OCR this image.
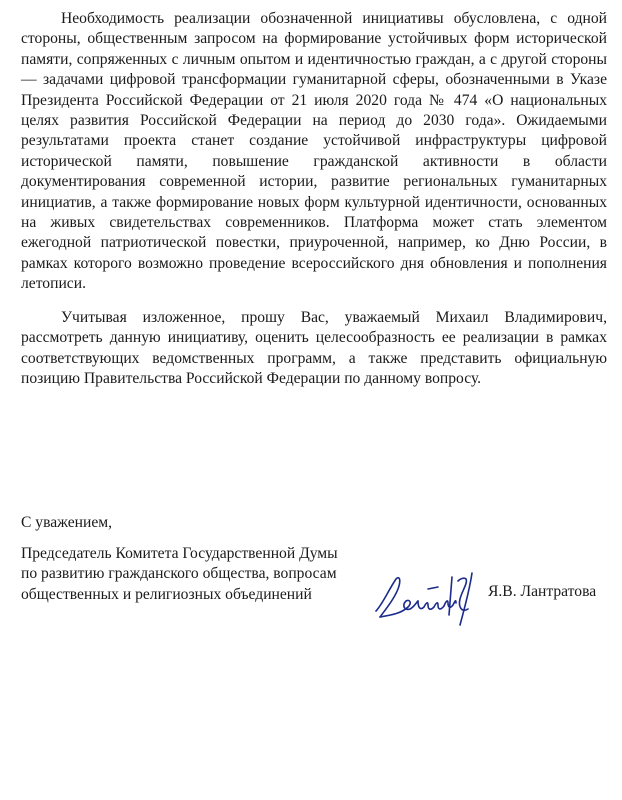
Необходимость реализации обозначенной инициативы обусловлена, с одной стороны, общественным запросом на формирование устойчивых форм исторической памяти, сопряженных с личным опытом и идентичностью граждан, а с другой стороны — задачами цифровой трансформации гуманитарной сферы, обозначенными в Указе Президента Российской Федерации от 21 июля 2020 года № 474 «О национальных целях развития Российской Федерации на период до 2030 года». Ожидаемыми результатами проекта станет создание устойчивой инфраструктуры цифровой исторической памяти, повышение гражданской активности в области документирования современной истории, развитие региональных гуманитарных инициатив, а также формирование новых форм культурной идентичности, основанных на живых свидетельствах современников. Платформа может стать элементом ежегодной патриотической повестки, приуроченной, например, ко Дню России, в рамках которого возможно проведение всероссийского дня обновления и пополнения летописи.

Учитывая изложенное, прошу Вас, уважаемый Михаил Владимирович, рассмотреть данную инициативу, оценить целесообразность ее реализации в рамках соответствующих ведомственных программ, а также представить официальную позицию Правительства Российской Федерации по данному вопросу.

С уважением,

Председатель Комитета Государственной Думы
по развитию гражданского общества, вопросам
общественных и религиозных объединений	Я.В. Лантратова
